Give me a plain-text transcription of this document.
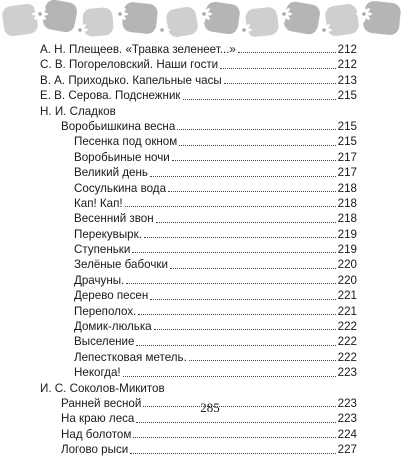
А. Н. Плещеев. «Травка зеленеет...»	212
С. В. Погореловский. Наши гости	212
В. А. Приходько. Капельные часы	213
Е. В. Серова. Подснежник	215
Н. И. Сладков
Воробьишкина весна	215
Песенка под окном	215
Воробьиные ночи	217
Великий день	217
Сосулькина вода	218
Кап! Кап!	218
Весенний звон	218
Перекувырк.	219
Ступеньки	219
Зелёные бабочки	220
Драчуны.	220
Дерево песен	221
Переполох.	221
Домик-люлька	222
Выселение	222
Лепестковая метель.	222
Некогда!	223
И. С. Соколов-Микитов
Ранней весной	223
На краю леса	223
Над болотом	224
Логово рыси	227
285
